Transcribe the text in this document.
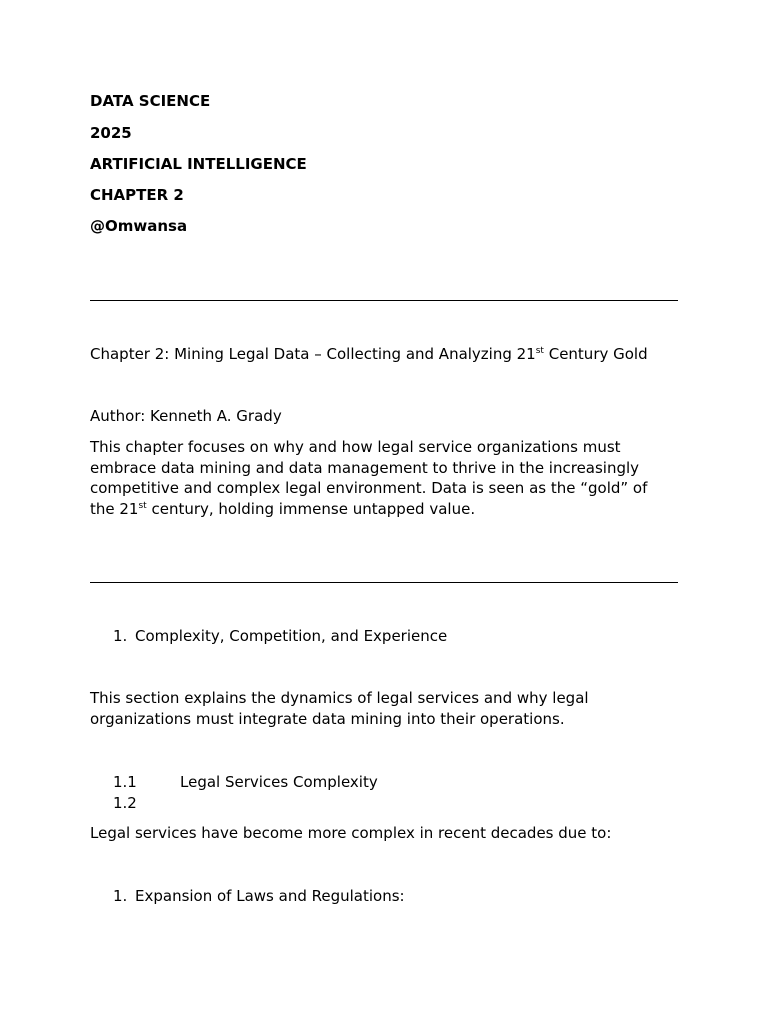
DATA SCIENCE

2025

ARTIFICIAL INTELLIGENCE

CHAPTER 2

@Omwansa

Chapter 2: Mining Legal Data – Collecting and Analyzing 21st Century Gold

Author: Kenneth A. Grady

This chapter focuses on why and how legal service organizations must embrace data mining and data management to thrive in the increasingly competitive and complex legal environment. Data is seen as the “gold” of the 21st century, holding immense untapped value.

1. Complexity, Competition, and Experience

This section explains the dynamics of legal services and why legal organizations must integrate data mining into their operations.

1.1	Legal Services Complexity

1.2

Legal services have become more complex in recent decades due to:

1. Expansion of Laws and Regulations:
